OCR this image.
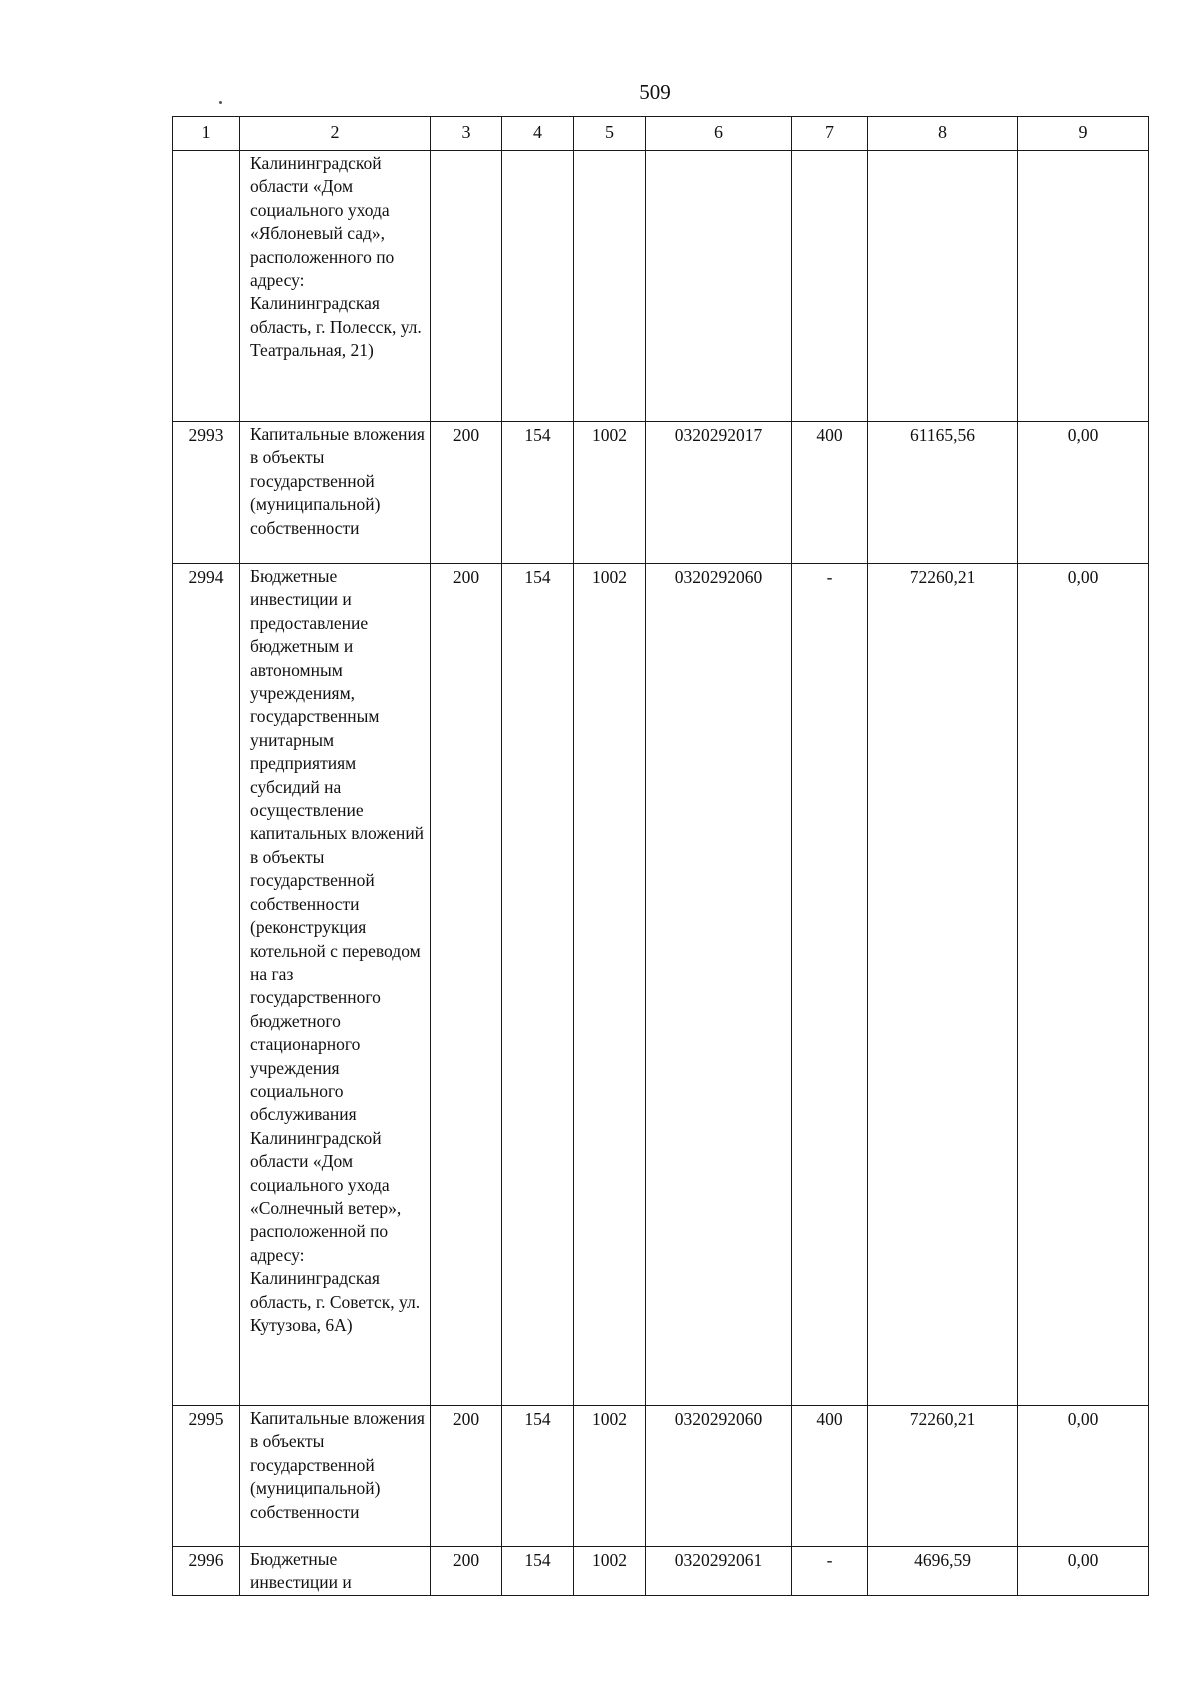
509
1	2	3	4	5	6	7	8	9
	Калининградской области «Дом социального ухода «Яблоневый сад», расположенного по адресу: Калининградская область, г. Полесск, ул. Театральная, 21)							
2993	Капитальные вложения в объекты государственной (муниципальной) собственности	200	154	1002	0320292017	400	61165,56	0,00
2994	Бюджетные инвестиции и предоставление бюджетным и автономным учреждениям, государственным унитарным предприятиям субсидий на осуществление капитальных вложений в объекты государственной собственности (реконструкция котельной с переводом на газ государственного бюджетного стационарного учреждения социального обслуживания Калининградской области «Дом социального ухода «Солнечный ветер», расположенной по адресу: Калининградская область, г. Советск, ул. Кутузова, 6А)	200	154	1002	0320292060	-	72260,21	0,00
2995	Капитальные вложения в объекты государственной (муниципальной) собственности	200	154	1002	0320292060	400	72260,21	0,00
2996	Бюджетные инвестиции и	200	154	1002	0320292061	-	4696,59	0,00
